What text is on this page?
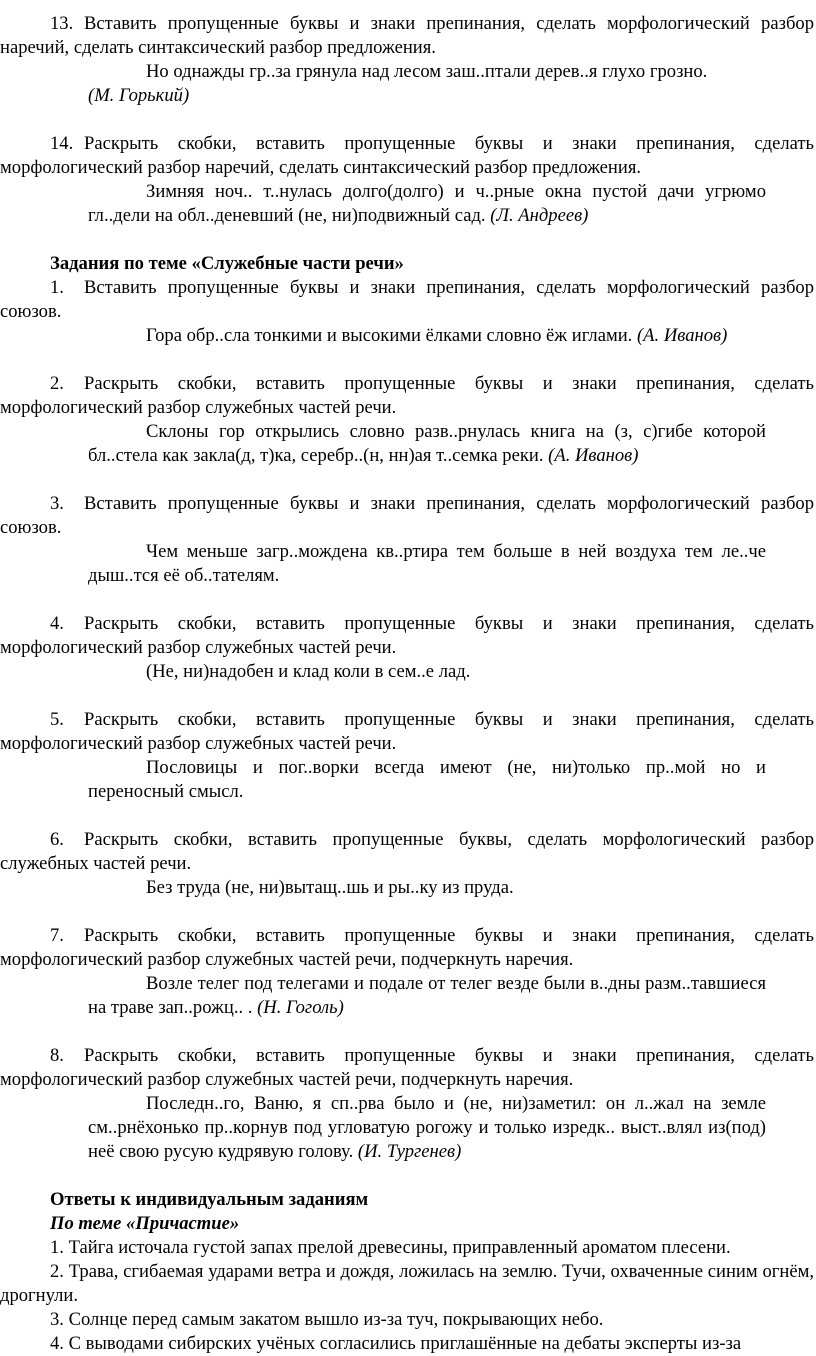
13. Вставить пропущенные буквы и знаки препинания, сделать морфологический разбор наречий, сделать синтаксический разбор предложения.

Но однажды гр..за грянула над лесом заш..птали дерев..я глухо грозно.
(М. Горький)

14. Раскрыть скобки, вставить пропущенные буквы и знаки препинания, сделать морфологический разбор наречий, сделать синтаксический разбор предложения.

Зимняя ноч.. т..нулась долго(долго) и ч..рные окна пустой дачи угрюмо гл..дели на обл..деневший (не, ни)подвижный сад. (Л. Андреев)

Задания по теме «Служебные части речи»

1. Вставить пропущенные буквы и знаки препинания, сделать морфологический разбор союзов.

Гора обр..сла тонкими и высокими ёлками словно ёж иглами. (А. Иванов)

2. Раскрыть скобки, вставить пропущенные буквы и знаки препинания, сделать морфологический разбор служебных частей речи.

Склоны гор открылись словно разв..рнулась книга на (з, с)гибе которой бл..стела как закла(д, т)ка, серебр..(н, нн)ая т..семка реки. (А. Иванов)

3. Вставить пропущенные буквы и знаки препинания, сделать морфологический разбор союзов.

Чем меньше загр..можденa кв..ртира тем больше в ней воздуха тем ле..че дыш..тся её об..тателям.

4. Раскрыть скобки, вставить пропущенные буквы и знаки препинания, сделать морфологический разбор служебных частей речи.

(Не, ни)надобен и клад коли в сем..е лад.

5. Раскрыть скобки, вставить пропущенные буквы и знаки препинания, сделать морфологический разбор служебных частей речи.

Пословицы и пог..ворки всегда имеют (не, ни)только пр..мой но и переносный смысл.

6. Раскрыть скобки, вставить пропущенные буквы, сделать морфологический разбор служебных частей речи.

Без труда (не, ни)вытащ..шь и ры..ку из пруда.

7. Раскрыть скобки, вставить пропущенные буквы и знаки препинания, сделать морфологический разбор служебных частей речи, подчеркнуть наречия.

Возле телег под телегами и подале от телег везде были в..дны разм..тавшиеся на траве зап..рожц.. . (Н. Гоголь)

8. Раскрыть скобки, вставить пропущенные буквы и знаки препинания, сделать морфологический разбор служебных частей речи, подчеркнуть наречия.

Последн..го, Ваню, я сп..рва было и (не, ни)заметил: он л..жал на земле см..рнёхонько пр..корнув под угловатую рогожу и только изредк.. выст..влял из(под) неё свою русую кудрявую голову. (И. Тургенев)

Ответы к индивидуальным заданиям

По теме «Причастие»

1. Тайга источала густой запах прелой древесины, приправленный ароматом плесени.

2. Трава, сгибаемая ударами ветра и дождя, ложилась на землю. Тучи, охваченные синим огнём, дрогнули.

3. Солнце перед самым закатом вышло из-за туч, покрывающих небо.

4. С выводами сибирских учёных согласились приглашённые на дебаты эксперты из-за
